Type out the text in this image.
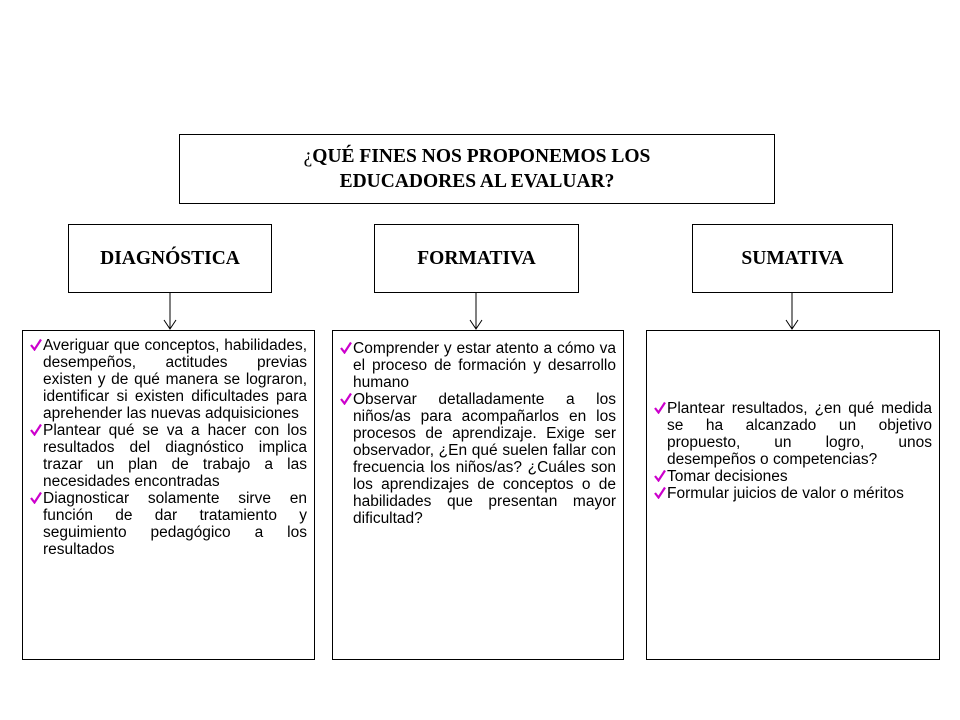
¿QUÉ FINES NOS PROPONEMOS LOS EDUCADORES AL EVALUAR?
DIAGNÓSTICA	FORMATIVA	SUMATIVA
Averiguar que conceptos, habilidades, desempeños, actitudes previas existen y de qué manera se lograron, identificar si existen dificultades para aprehender las nuevas adquisiciones
Plantear qué se va a hacer con los resultados del diagnóstico implica trazar un plan de trabajo a las necesidades encontradas
Diagnosticar solamente sirve en función de dar tratamiento y seguimiento pedagógico a los resultados
Comprender y estar atento a cómo va el proceso de formación y desarrollo humano
Observar detalladamente a los niños/as para acompañarlos en los procesos de aprendizaje. Exige ser observador, ¿En qué suelen fallar con frecuencia los niños/as? ¿Cuáles son los aprendizajes de conceptos o de habilidades que presentan mayor dificultad?
Plantear resultados, ¿en qué medida se ha alcanzado un objetivo propuesto, un logro, unos desempeños o competencias?
Tomar decisiones
Formular juicios de valor o méritos
